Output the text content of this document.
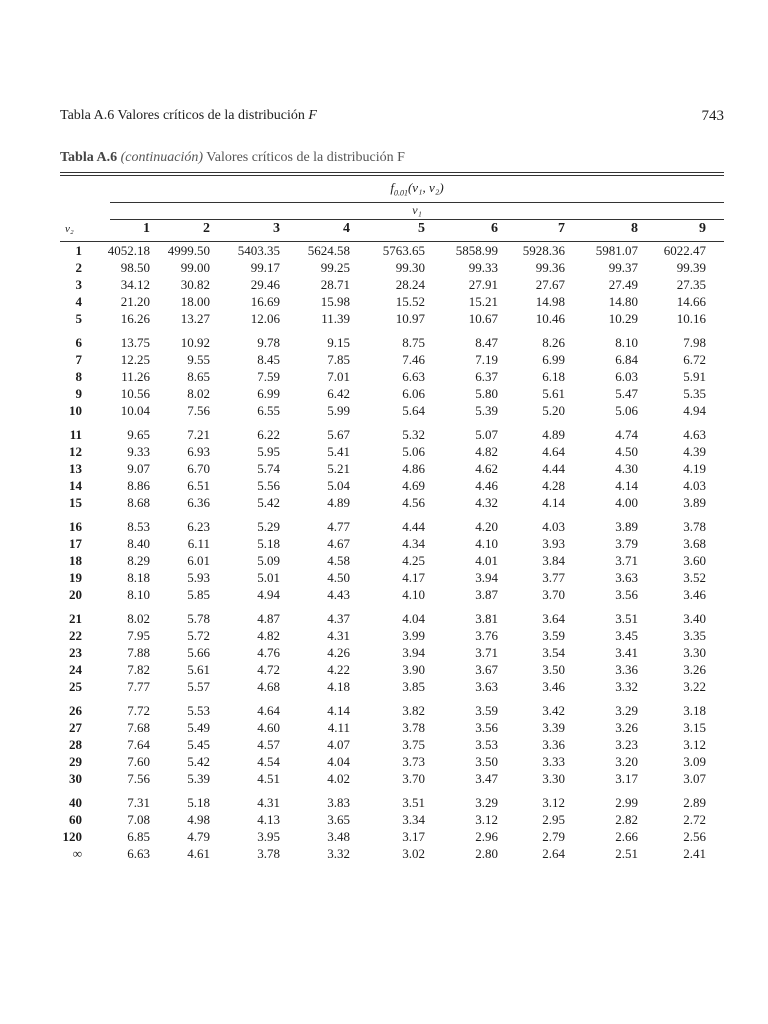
Tabla A.6 Valores críticos de la distribución F	743
Tabla A.6 (continuación) Valores críticos de la distribución F
$f_{0.01}(\nu_1$, ν₂)
ν₁
ν₂	1	2	3	4	5	6	7	8	9
1	4052.18	4999.50	5403.35	5624.58	5763.65	5858.99	5928.36	5981.07	6022.47
2	98.50	99.00	99.17	99.25	99.30	99.33	99.36	99.37	99.39
3	34.12	30.82	29.46	28.71	28.24	27.91	27.67	27.49	27.35
4	21.20	18.00	16.69	15.98	15.52	15.21	14.98	14.80	14.66
5	16.26	13.27	12.06	11.39	10.97	10.67	10.46	10.29	10.16
6	13.75	10.92	9.78	9.15	8.75	8.47	8.26	8.10	7.98
7	12.25	9.55	8.45	7.85	7.46	7.19	6.99	6.84	6.72
8	11.26	8.65	7.59	7.01	6.63	6.37	6.18	6.03	5.91
9	10.56	8.02	6.99	6.42	6.06	5.80	5.61	5.47	5.35
10	10.04	7.56	6.55	5.99	5.64	5.39	5.20	5.06	4.94
11	9.65	7.21	6.22	5.67	5.32	5.07	4.89	4.74	4.63
12	9.33	6.93	5.95	5.41	5.06	4.82	4.64	4.50	4.39
13	9.07	6.70	5.74	5.21	4.86	4.62	4.44	4.30	4.19
14	8.86	6.51	5.56	5.04	4.69	4.46	4.28	4.14	4.03
15	8.68	6.36	5.42	4.89	4.56	4.32	4.14	4.00	3.89
16	8.53	6.23	5.29	4.77	4.44	4.20	4.03	3.89	3.78
17	8.40	6.11	5.18	4.67	4.34	4.10	3.93	3.79	3.68
18	8.29	6.01	5.09	4.58	4.25	4.01	3.84	3.71	3.60
19	8.18	5.93	5.01	4.50	4.17	3.94	3.77	3.63	3.52
20	8.10	5.85	4.94	4.43	4.10	3.87	3.70	3.56	3.46
21	8.02	5.78	4.87	4.37	4.04	3.81	3.64	3.51	3.40
22	7.95	5.72	4.82	4.31	3.99	3.76	3.59	3.45	3.35
23	7.88	5.66	4.76	4.26	3.94	3.71	3.54	3.41	3.30
24	7.82	5.61	4.72	4.22	3.90	3.67	3.50	3.36	3.26
25	7.77	5.57	4.68	4.18	3.85	3.63	3.46	3.32	3.22
26	7.72	5.53	4.64	4.14	3.82	3.59	3.42	3.29	3.18
27	7.68	5.49	4.60	4.11	3.78	3.56	3.39	3.26	3.15
28	7.64	5.45	4.57	4.07	3.75	3.53	3.36	3.23	3.12
29	7.60	5.42	4.54	4.04	3.73	3.50	3.33	3.20	3.09
30	7.56	5.39	4.51	4.02	3.70	3.47	3.30	3.17	3.07
40	7.31	5.18	4.31	3.83	3.51	3.29	3.12	2.99	2.89
60	7.08	4.98	4.13	3.65	3.34	3.12	2.95	2.82	2.72
120	6.85	4.79	3.95	3.48	3.17	2.96	2.79	2.66	2.56
∞	6.63	4.61	3.78	3.32	3.02	2.80	2.64	2.51	2.41
